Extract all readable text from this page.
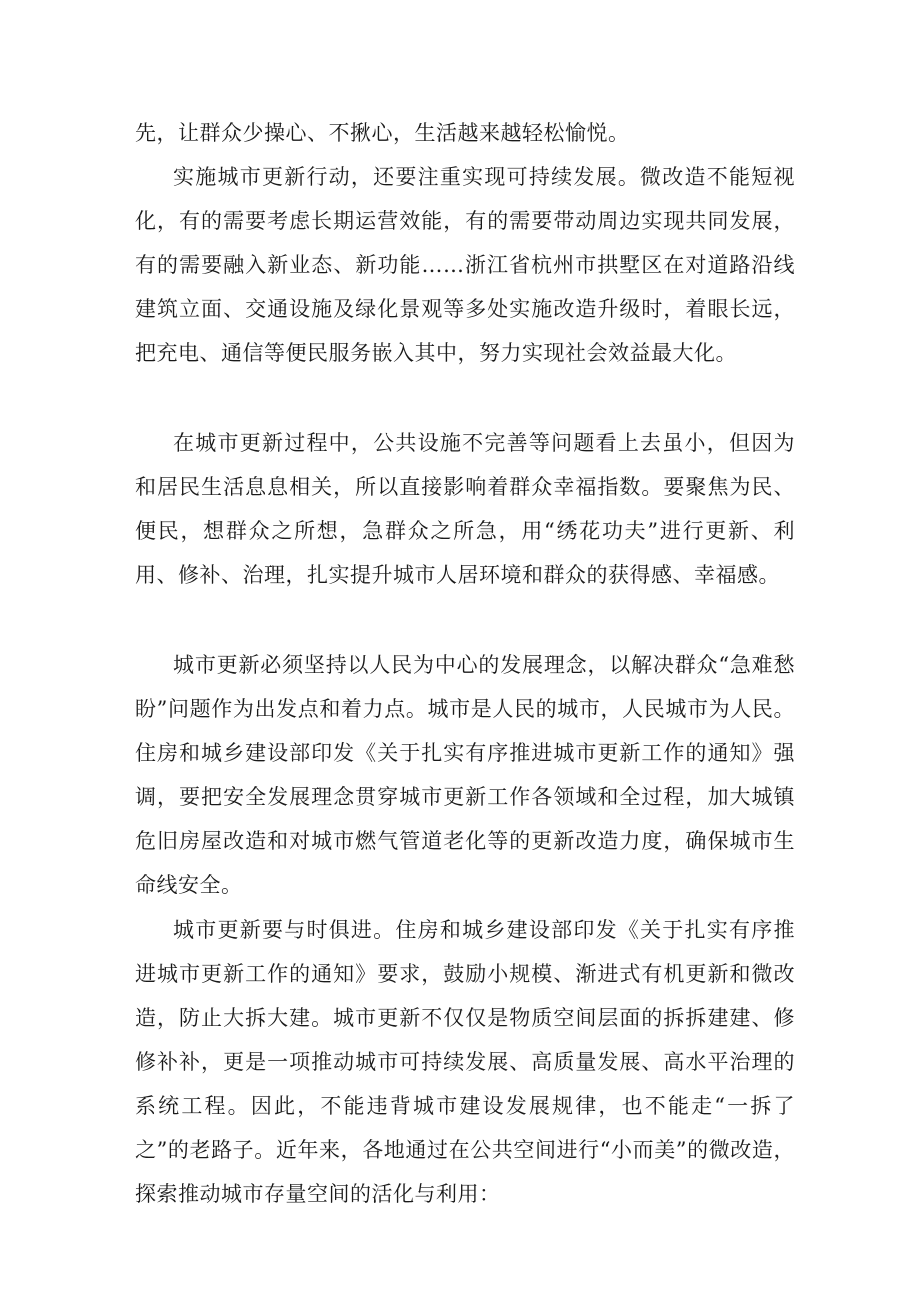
先，让群众少操心、不揪心，生活越来越轻松愉悦。

实施城市更新行动，还要注重实现可持续发展。微改造不能短视化，有的需要考虑长期运营效能，有的需要带动周边实现共同发展，有的需要融入新业态、新功能……浙江省杭州市拱墅区在对道路沿线建筑立面、交通设施及绿化景观等多处实施改造升级时，着眼长远，把充电、通信等便民服务嵌入其中，努力实现社会效益最大化。

在城市更新过程中，公共设施不完善等问题看上去虽小，但因为和居民生活息息相关，所以直接影响着群众幸福指数。要聚焦为民、便民，想群众之所想，急群众之所急，用“绣花功夫”进行更新、利用、修补、治理，扎实提升城市人居环境和群众的获得感、幸福感。

城市更新必须坚持以人民为中心的发展理念，以解决群众“急难愁盼”问题作为出发点和着力点。城市是人民的城市，人民城市为人民。住房和城乡建设部印发《关于扎实有序推进城市更新工作的通知》强调，要把安全发展理念贯穿城市更新工作各领域和全过程，加大城镇危旧房屋改造和对城市燃气管道老化等的更新改造力度，确保城市生命线安全。

城市更新要与时俱进。住房和城乡建设部印发《关于扎实有序推进城市更新工作的通知》要求，鼓励小规模、渐进式有机更新和微改造，防止大拆大建。城市更新不仅仅是物质空间层面的拆拆建建、修修补补，更是一项推动城市可持续发展、高质量发展、高水平治理的系统工程。因此，不能违背城市建设发展规律，也不能走“一拆了之”的老路子。近年来，各地通过在公共空间进行“小而美”的微改造，探索推动城市存量空间的活化与利用：
